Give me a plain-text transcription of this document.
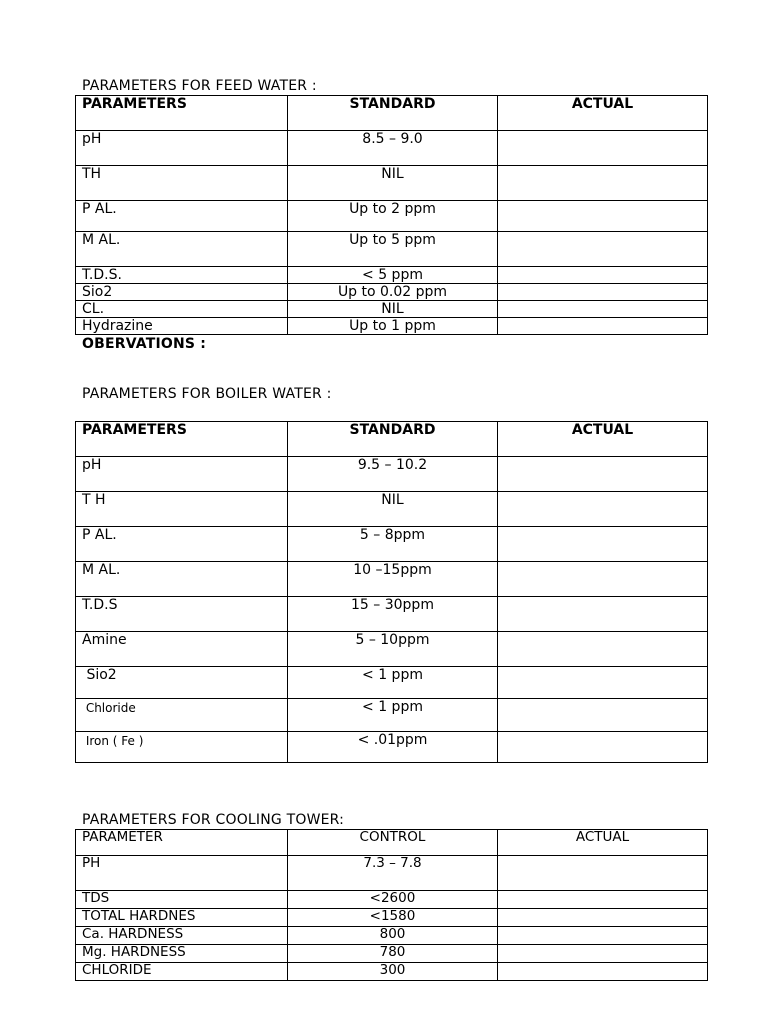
PARAMETERS FOR FEED WATER :
PARAMETERS	STANDARD	ACTUAL
pH	8.5 – 9.0	
TH	NIL	
P AL.	Up to 2 ppm	
M AL.	Up to 5 ppm	
T.D.S.	< 5 ppm	
Sio2	Up to 0.02 ppm	
CL.	NIL	
Hydrazine	Up to 1 ppm	
OBERVATIONS :
PARAMETERS FOR BOILER WATER :
PARAMETERS	STANDARD	ACTUAL
pH	9.5 – 10.2	
T H	NIL	
P AL.	5 – 8ppm	
M AL.	10 –15ppm	
T.D.S	15 – 30ppm	
Amine	5 – 10ppm	
Sio2	< 1 ppm	
Chloride	< 1 ppm	
Iron ( Fe )	< .01ppm	
PARAMETERS FOR COOLING TOWER:
PARAMETER	CONTROL	ACTUAL
PH	7.3 – 7.8	
TDS	<2600	
TOTAL HARDNES	<1580	
Ca. HARDNESS	800	
Mg. HARDNESS	780	
CHLORIDE	300	
